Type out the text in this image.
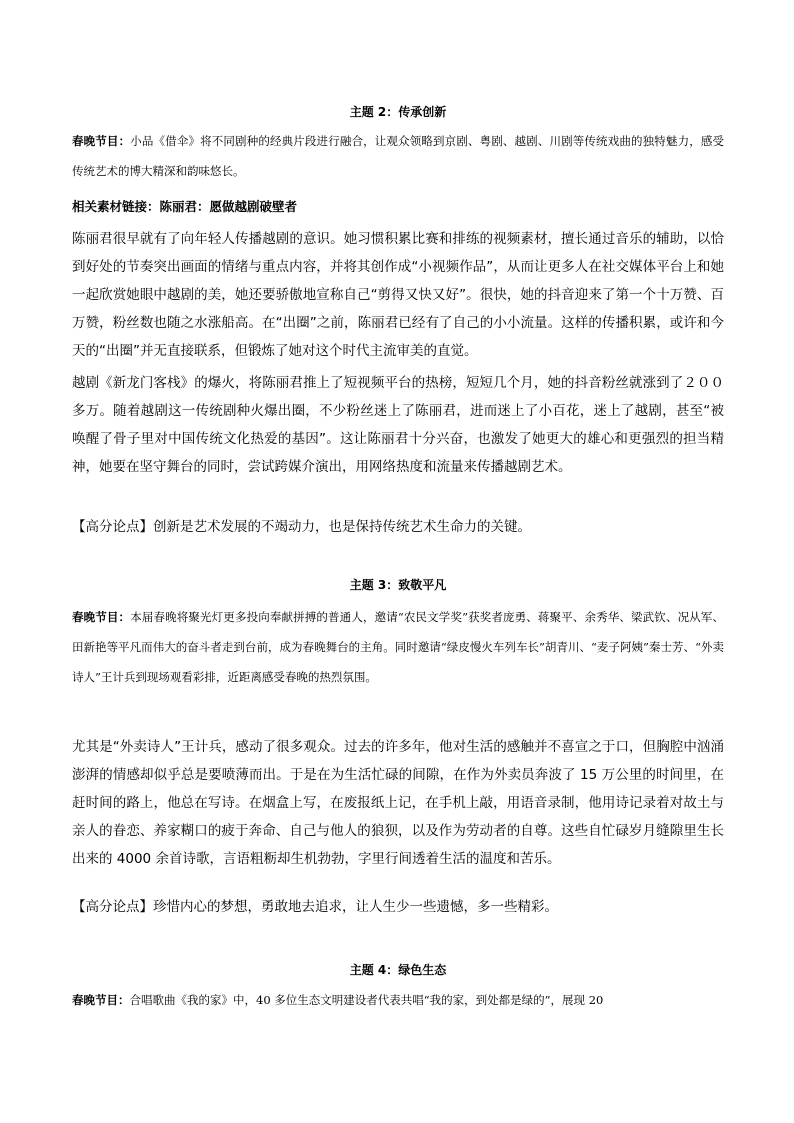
主题 2：传承创新
春晚节目：小品《借伞》将不同剧种的经典片段进行融合，让观众领略到京剧、粤剧、越剧、川剧等传统戏曲的独特魅力，感受传统艺术的博大精深和韵味悠长。
相关素材链接：陈丽君：愿做越剧破壁者
陈丽君很早就有了向年轻人传播越剧的意识。她习惯积累比赛和排练的视频素材，擅长通过音乐的辅助，以恰到好处的节奏突出画面的情绪与重点内容，并将其创作成“小视频作品”，从而让更多人在社交媒体平台上和她一起欣赏她眼中越剧的美，她还要骄傲地宣称自己“剪得又快又好”。很快，她的抖音迎来了第一个十万赞、百万赞，粉丝数也随之水涨船高。在“出圈”之前，陈丽君已经有了自己的小小流量。这样的传播积累，或许和今天的“出圈”并无直接联系，但锻炼了她对这个时代主流审美的直觉。
越剧《新龙门客栈》的爆火，将陈丽君推上了短视频平台的热榜，短短几个月，她的抖音粉丝就涨到了２００多万。随着越剧这一传统剧种火爆出圈，不少粉丝迷上了陈丽君，进而迷上了小百花，迷上了越剧，甚至“被唤醒了骨子里对中国传统文化热爱的基因”。这让陈丽君十分兴奋，也激发了她更大的雄心和更强烈的担当精神，她要在坚守舞台的同时，尝试跨媒介演出，用网络热度和流量来传播越剧艺术。
【高分论点】创新是艺术发展的不竭动力，也是保持传统艺术生命力的关键。
主题 3：致敬平凡
春晚节目：本届春晚将聚光灯更多投向奉献拼搏的普通人，邀请“农民文学奖”获奖者庞勇、蒋聚平、余秀华、梁武钦、况从军、田新艳等平凡而伟大的奋斗者走到台前，成为春晚舞台的主角。同时邀请“绿皮慢火车列车长”胡青川、“麦子阿姨”秦士芳、“外卖诗人”王计兵到现场观看彩排，近距离感受春晚的热烈氛围。
尤其是“外卖诗人”王计兵，感动了很多观众。过去的许多年，他对生活的感触并不喜宣之于口，但胸腔中汹涌澎湃的情感却似乎总是要喷薄而出。于是在为生活忙碌的间隙，在作为外卖员奔波了 15 万公里的时间里，在赶时间的路上，他总在写诗。在烟盒上写，在废报纸上记，在手机上敲，用语音录制，他用诗记录着对故土与亲人的眷恋、养家糊口的疲于奔命、自己与他人的狼狈，以及作为劳动者的自尊。这些自忙碌岁月缝隙里生长出来的 4000 余首诗歌，言语粗粝却生机勃勃，字里行间透着生活的温度和苦乐。
【高分论点】珍惜内心的梦想，勇敢地去追求，让人生少一些遗憾，多一些精彩。
主题 4：绿色生态
春晚节目：合唱歌曲《我的家》中，40 多位生态文明建设者代表共唱“我的家，到处都是绿的”，展现 20
